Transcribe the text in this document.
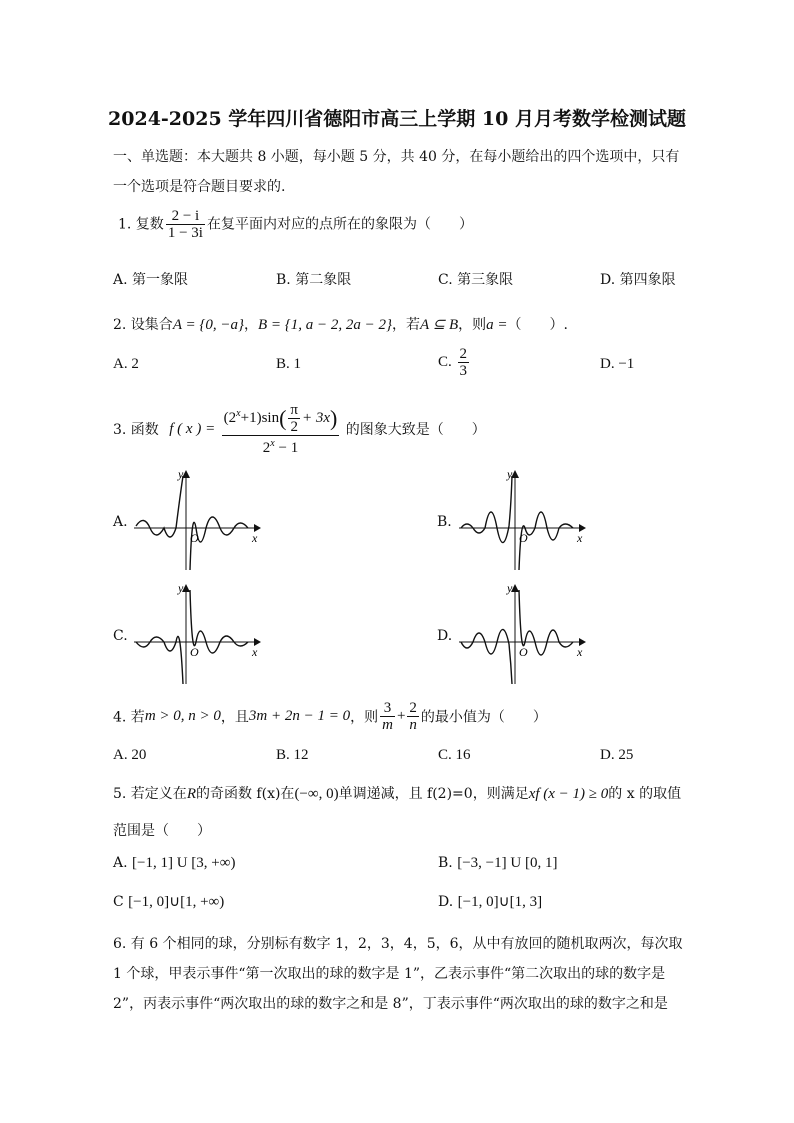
2024-2025 学年四川省德阳市高三上学期 10 月月考数学检测试题
一、单选题：本大题共 8 小题，每小题 5 分，共 40 分，在每小题给出的四个选项中，只有
一个选项是符合题目要求的.
1. 复数 $\frac{2 - i}{1 - 3i}$ 在复平面内对应的点所在的象限为（　　）
A. 第一象限	B. 第二象限	C. 第三象限	D. 第四象限
2. 设集合A = {0, −a}，B = {1, a − 2, 2a − 2}，若A ⊆ B，则a =（　　）.
A. 2	B. 1	C. $\frac{2}{3}$	D. −1
3. 函数 f ( x ) = $\frac{(2^x+1)\sin( \frac{\pi}{2} + 3x)}{2^x - 1}$ 的图象大致是（　　）
A.	B.
C.	D.
y
x
O
y
x
O
y
x
O
y
x
O
4. 若m > 0, n > 0，且3m + 2n − 1 = 0，则 $\frac{3}{m} + \frac{2}{n}$ 的最小值为（　　）
A. 20	B. 12	C. 16	D. 25
5. 若定义在R的奇函数 f(x)在(−∞, 0)单调递减，且 f(2)=0，则满足xf (x − 1) ≥ 0的 x 的取值
范围是（　　）
A. [−1, 1] U [3, +∞)	B. [−3, −1] U [0, 1]
C [−1, 0]∪[1, +∞)	D. [−1, 0]∪[1, 3]
6. 有 6 个相同的球，分别标有数字 1，2，3，4，5，6，从中有放回的随机取两次，每次取
1 个球，甲表示事件“第一次取出的球的数字是 1”，乙表示事件“第二次取出的球的数字是
2”，丙表示事件“两次取出的球的数字之和是 8”，丁表示事件“两次取出的球的数字之和是
